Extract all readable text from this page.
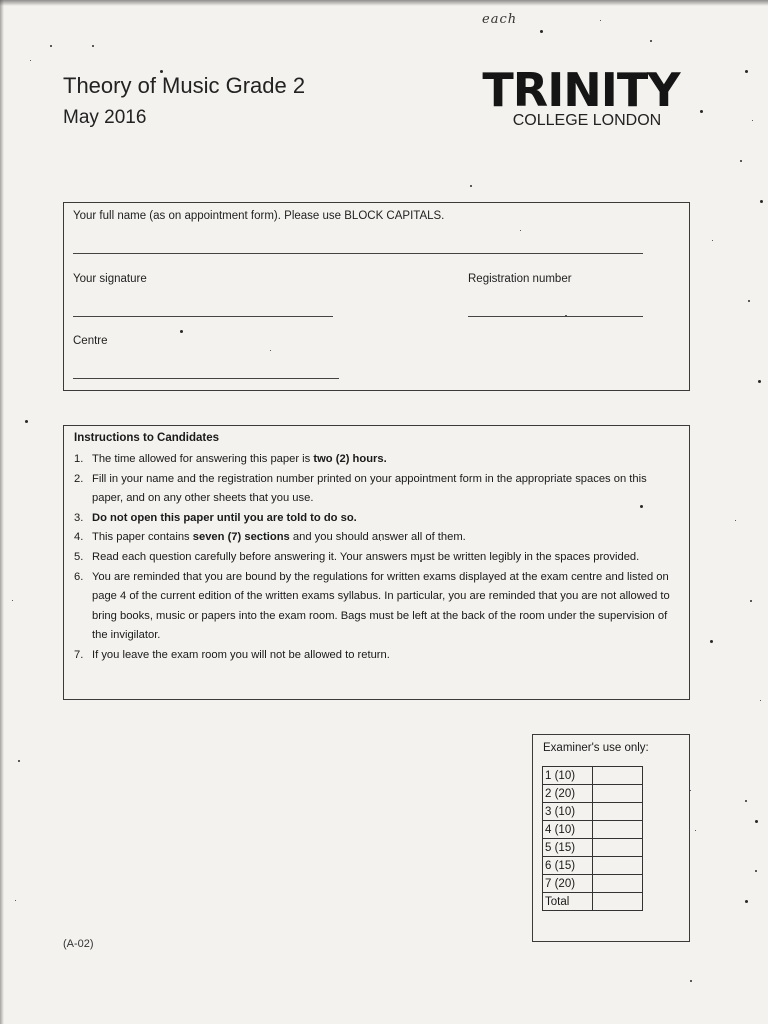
each
Theory of Music Grade 2
May 2016
TRINITY
COLLEGE LONDON
Your full name (as on appointment form). Please use BLOCK CAPITALS.
Your signature	Registration number
Centre
Instructions to Candidates
1. The time allowed for answering this paper is two (2) hours.
2. Fill in your name and the registration number printed on your appointment form in the appropriate spaces on this paper, and on any other sheets that you use.
3. Do not open this paper until you are told to do so.
4. This paper contains seven (7) sections and you should answer all of them.
5. Read each question carefully before answering it. Your answers must be written legibly in the spaces provided.
6. You are reminded that you are bound by the regulations for written exams displayed at the exam centre and listed on page 4 of the current edition of the written exams syllabus. In particular, you are reminded that you are not allowed to bring books, music or papers into the exam room. Bags must be left at the back of the room under the supervision of the invigilator.
7. If you leave the exam room you will not be allowed to return.
Examiner's use only:
1 (10)	
2 (20)	
3 (10)	
4 (10)	
5 (15)	
6 (15)	
7 (20)	
Total	
(A-02)
